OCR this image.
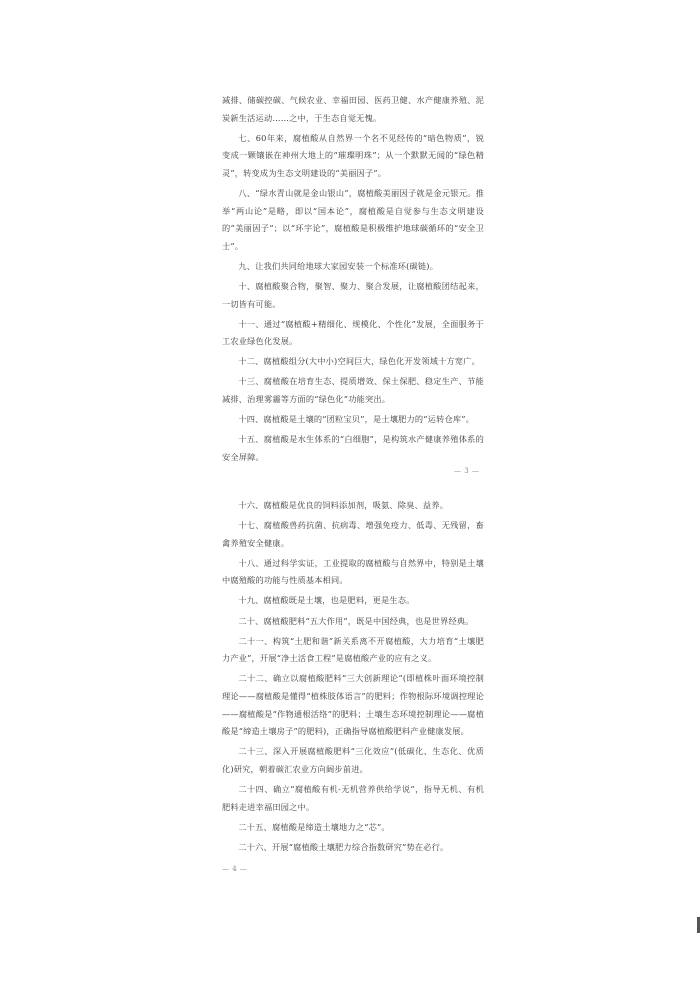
减排、储碳控碳、气候农业、幸福田园、医药卫健、水产健康养殖、泥炭新生活运动……之中，于生态自觉无愧。

七、60年来，腐植酸从自然界一个名不见经传的“暗色物质”，锐变成一颗镶嵌在神州大地上的“璀璨明珠”；从一个默默无闻的“绿色精灵”，转变成为生态文明建设的“美丽因子”。

八、“绿水青山就是金山银山”，腐植酸美丽因子就是金元银元。推举“两山论”是略，即以“国本论”，腐植酸是自觉参与生态文明建设的“美丽因子”；以“环宇论”，腐植酸是积极维护地球碳循环的“安全卫士”。

九、让我们共同给地球大家园安装一个标准环(碳链)。

十、腐植酸聚合物，聚智、聚力、聚合发展，让腐植酸团结起来，一切皆有可能。

十一、通过“腐植酸+精细化、规模化、个性化”发展，全面服务于工农业绿色化发展。

十二、腐植酸组分(大中小)空间巨大，绿色化开发领域十方宽广。

十三、腐植酸在培育生态、提质增效、保土保肥、稳定生产、节能减排、治理雾霾等方面的“绿色化”功能突出。

十四、腐植酸是土壤的“团粒宝贝”，是土壤肥力的“运转仓库”。

十五、腐植酸是水生体系的“白细胞”，是构筑水产健康养殖体系的安全屏障。

— 3 —

十六、腐植酸是优良的饲料添加剂，吸氨、除臭、益养。

十七、腐植酸兽药抗菌、抗病毒、增强免疫力、低毒、无残留，畜禽养殖安全健康。

十八、通过科学实证，工业提取的腐植酸与自然界中，特别是土壤中腐殖酸的功能与性质基本相同。

十九、腐植酸既是土壤，也是肥料，更是生态。

二十、腐植酸肥料“五大作用”，既是中国经典，也是世界经典。

二十一、构筑“土肥和谐”新关系离不开腐植酸，大力培育“土壤肥力产业”，开展“净土活食工程”是腐植酸产业的应有之义。

二十二、确立以腐植酸肥料“三大创新理论”(即植株叶面环境控制理论——腐植酸是懂得“植株肢体语言”的肥料；作物根际环境调控理论——腐植酸是“作物通根活络”的肥料；土壤生态环境控制理论——腐植酸是“缔造土壤房子”的肥料)，正确指导腐植酸肥料产业健康发展。

二十三、深入开展腐植酸肥料“三化效应”(低碳化、生态化、优质化)研究，朝着碳汇农业方向阔步前进。

二十四、确立“腐植酸有机-无机营养供给学说”，指导无机、有机肥料走进幸福田园之中。

二十五、腐植酸是缔造土壤地力之“芯”。

二十六、开展“腐植酸土壤肥力综合指数研究”势在必行。

— 4 —
